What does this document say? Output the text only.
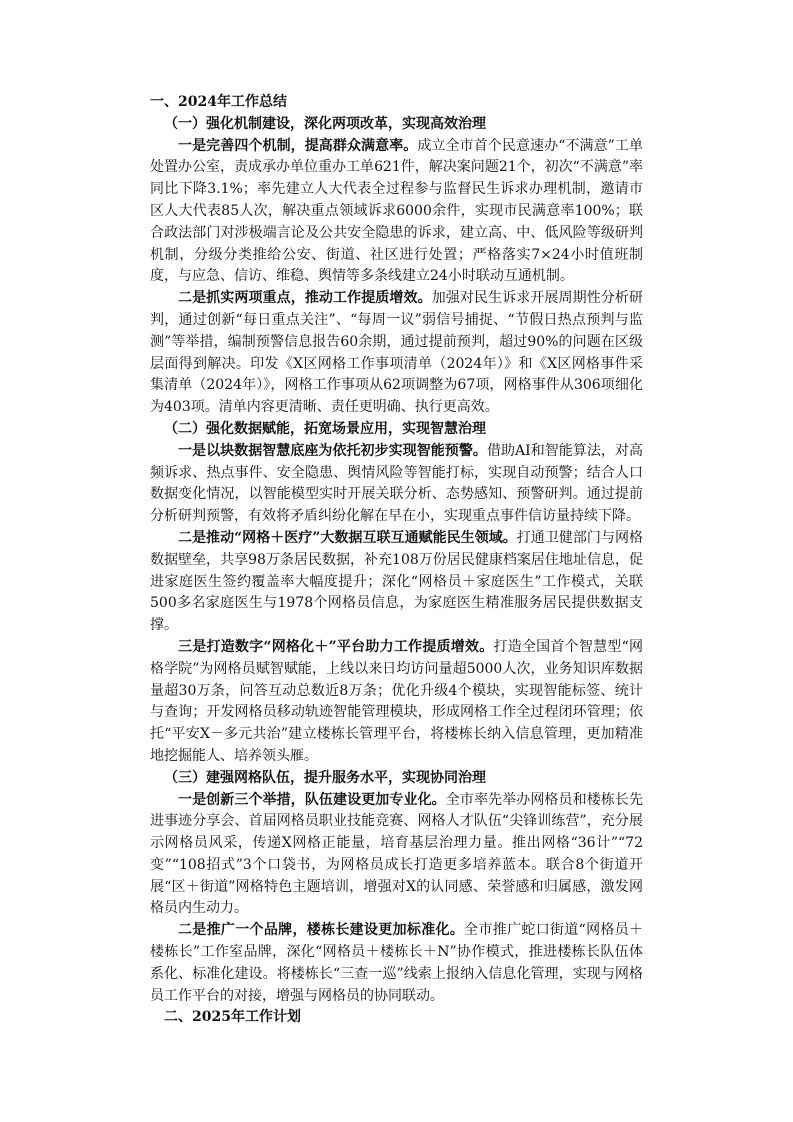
一、2024年工作总结

（一）强化机制建设，深化两项改革，实现高效治理

一是完善四个机制，提高群众满意率。成立全市首个民意速办“不满意”工单处置办公室，责成承办单位重办工单621件，解决案问题21个，初次“不满意”率同比下降3.1%；率先建立人大代表全过程参与监督民生诉求办理机制，邀请市区人大代表85人次，解决重点领域诉求6000余件，实现市民满意率100%；联合政法部门对涉极端言论及公共安全隐患的诉求，建立高、中、低风险等级研判机制，分级分类推给公安、街道、社区进行处置；严格落实7×24小时值班制度，与应急、信访、维稳、舆情等多条线建立24小时联动互通机制。

二是抓实两项重点，推动工作提质增效。加强对民生诉求开展周期性分析研判，通过创新“每日重点关注”、“每周一议”弱信号捕捉、“节假日热点预判与监测”等举措，编制预警信息报告60余期，通过提前预判，超过90%的问题在区级层面得到解决。印发《X区网格工作事项清单（2024年）》和《X区网格事件采集清单（2024年）》，网格工作事项从62项调整为67项，网格事件从306项细化为403项。清单内容更清晰、责任更明确、执行更高效。

（二）强化数据赋能，拓宽场景应用，实现智慧治理

一是以块数据智慧底座为依托初步实现智能预警。借助AI和智能算法，对高频诉求、热点事件、安全隐患、舆情风险等智能打标，实现自动预警；结合人口数据变化情况，以智能模型实时开展关联分析、态势感知、预警研判。通过提前分析研判预警，有效将矛盾纠纷化解在早在小，实现重点事件信访量持续下降。

二是推动“网格＋医疗”大数据互联互通赋能民生领域。打通卫健部门与网格数据壁垒，共享98万条居民数据，补充108万份居民健康档案居住地址信息，促进家庭医生签约覆盖率大幅度提升；深化“网格员＋家庭医生”工作模式，关联500多名家庭医生与1978个网格员信息，为家庭医生精准服务居民提供数据支撑。

三是打造数字“网格化＋”平台助力工作提质增效。打造全国首个智慧型“网格学院”为网格员赋智赋能，上线以来日均访问量超5000人次，业务知识库数据量超30万条，问答互动总数近8万条；优化升级4个模块，实现智能标签、统计与查询；开发网格员移动轨迹智能管理模块，形成网格工作全过程闭环管理；依托“平安X－多元共治”建立楼栋长管理平台，将楼栋长纳入信息管理，更加精准地挖掘能人、培养领头雁。

（三）建强网格队伍，提升服务水平，实现协同治理

一是创新三个举措，队伍建设更加专业化。全市率先举办网格员和楼栋长先进事迹分享会、首届网格员职业技能竞赛、网格人才队伍“尖锋训练营”，充分展示网格员风采，传递X网格正能量，培育基层治理力量。推出网格“36计”“72变”“108招式”3个口袋书，为网格员成长打造更多培养蓝本。联合8个街道开展“区＋街道”网格特色主题培训，增强对X的认同感、荣誉感和归属感，激发网格员内生动力。

二是推广一个品牌，楼栋长建设更加标准化。全市推广蛇口街道“网格员＋楼栋长”工作室品牌，深化“网格员＋楼栋长＋N”协作模式，推进楼栋长队伍体系化、标准化建设。将楼栋长“三查一巡”线索上报纳入信息化管理，实现与网格员工作平台的对接，增强与网格员的协同联动。

二、2025年工作计划
